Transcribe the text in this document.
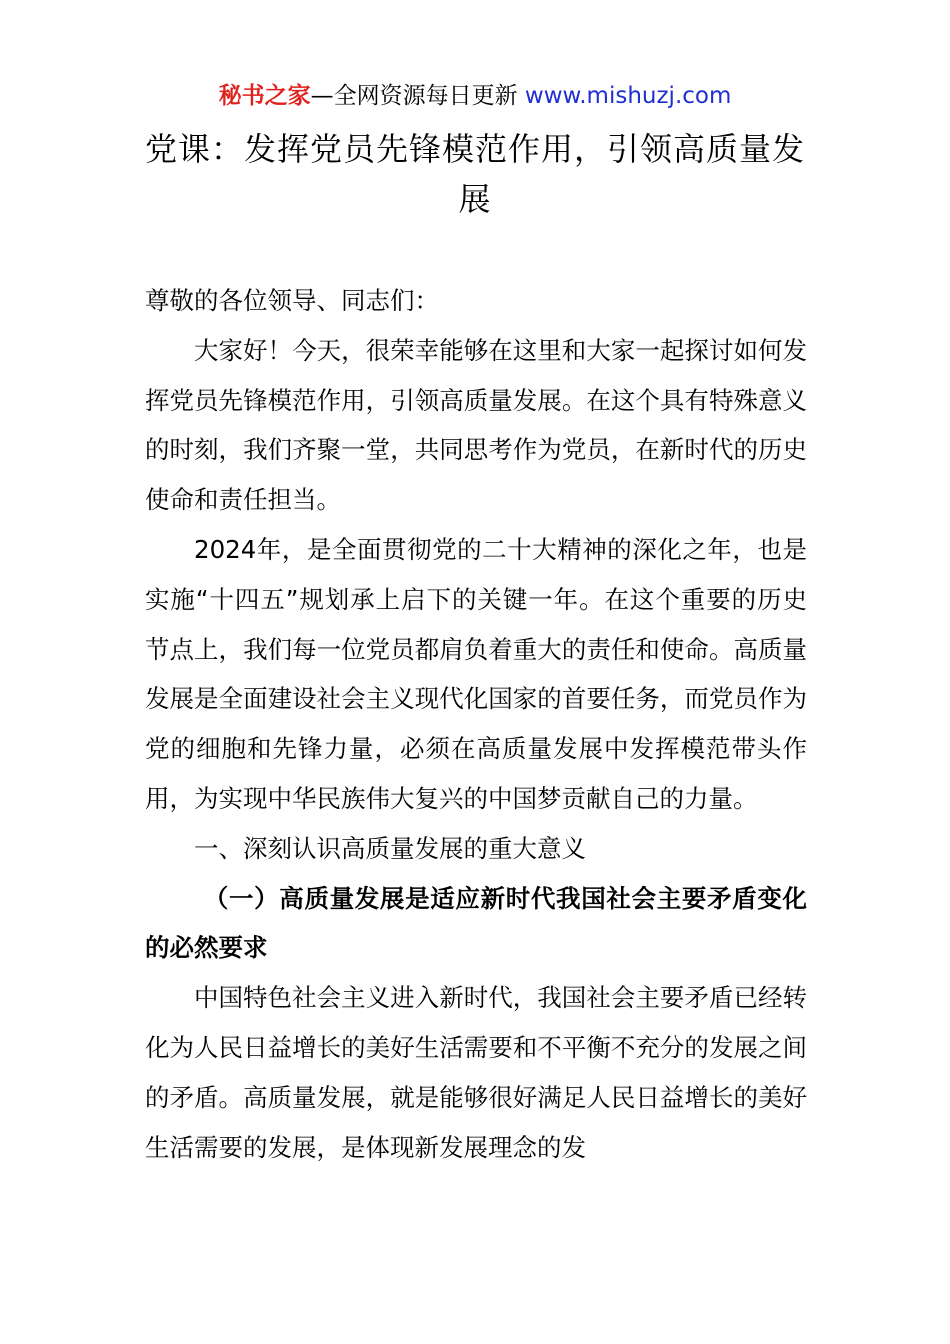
秘书之家—全网资源每日更新 www.mishuzj.com
党课：发挥党员先锋模范作用，引领高质量发展

尊敬的各位领导、同志们：

大家好！今天，很荣幸能够在这里和大家一起探讨如何发挥党员先锋模范作用，引领高质量发展。在这个具有特殊意义的时刻，我们齐聚一堂，共同思考作为党员，在新时代的历史使命和责任担当。

2024年，是全面贯彻党的二十大精神的深化之年，也是实施“十四五”规划承上启下的关键一年。在这个重要的历史节点上，我们每一位党员都肩负着重大的责任和使命。高质量发展是全面建设社会主义现代化国家的首要任务，而党员作为党的细胞和先锋力量，必须在高质量发展中发挥模范带头作用，为实现中华民族伟大复兴的中国梦贡献自己的力量。

一、深刻认识高质量发展的重大意义

（一）高质量发展是适应新时代我国社会主要矛盾变化的必然要求

中国特色社会主义进入新时代，我国社会主要矛盾已经转化为人民日益增长的美好生活需要和不平衡不充分的发展之间的矛盾。高质量发展，就是能够很好满足人民日益增长的美好生活需要的发展，是体现新发展理念的发
